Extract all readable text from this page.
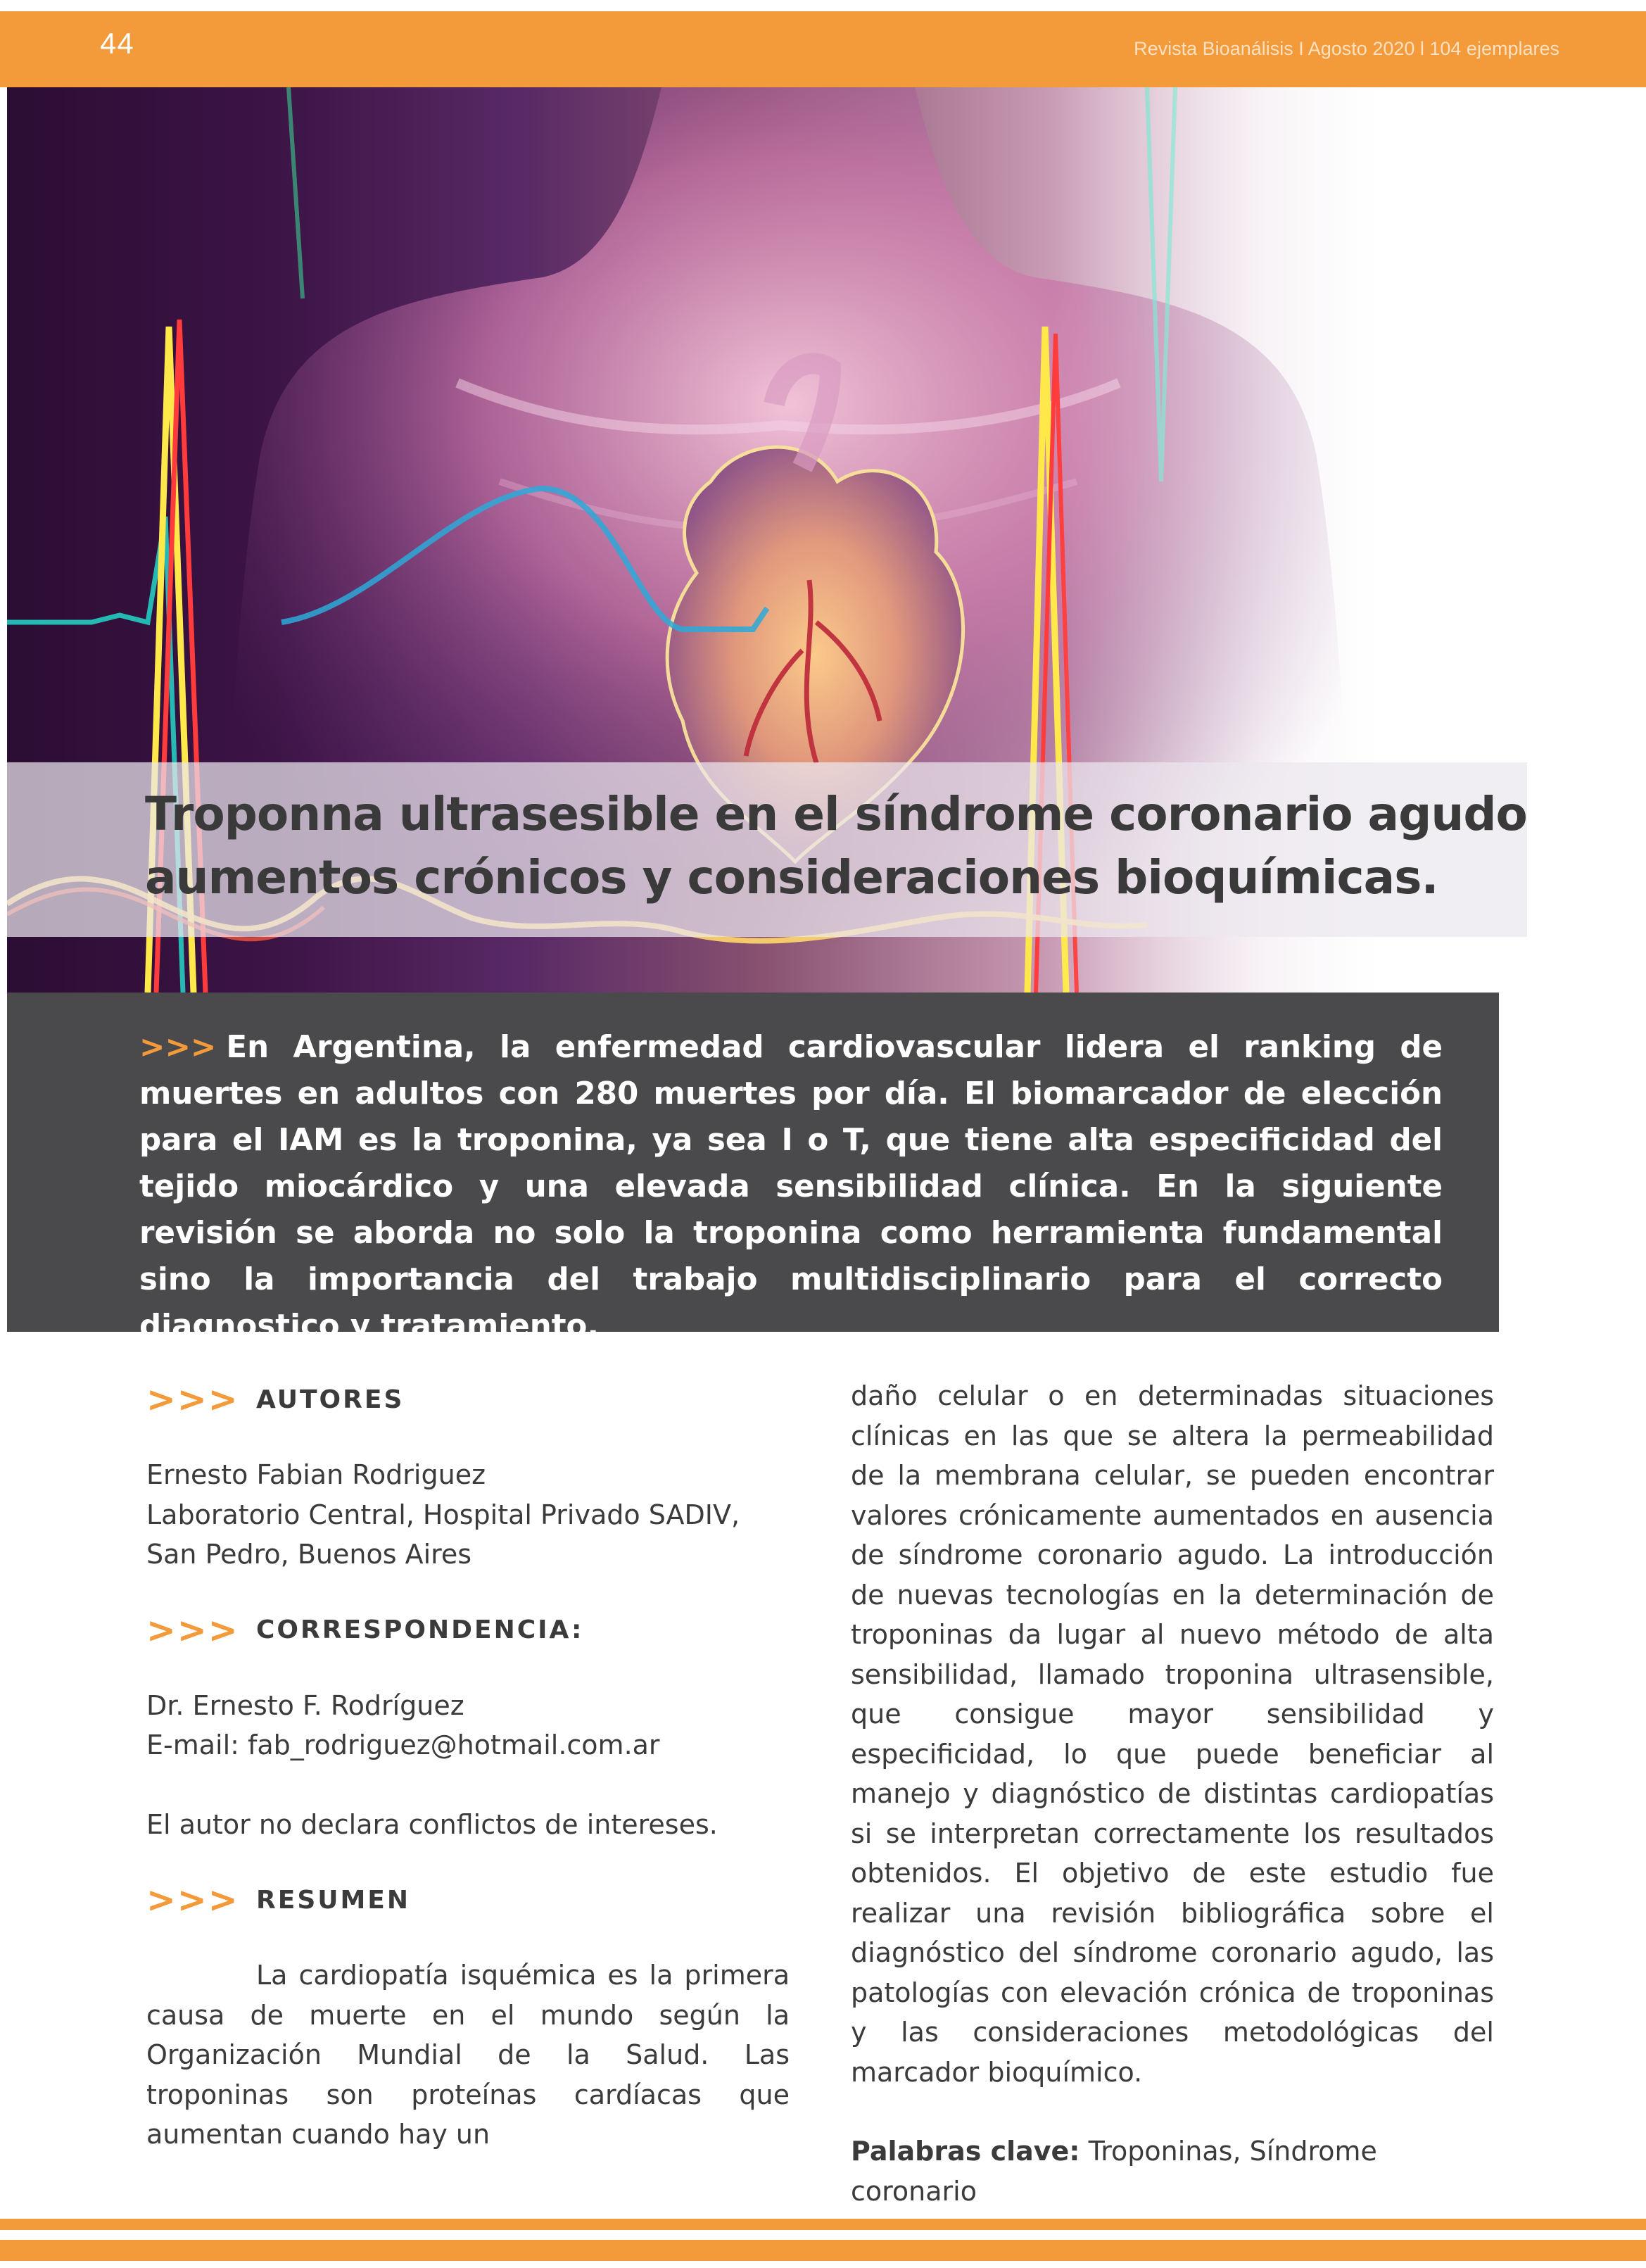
44	Revista Bioanálisis I Agosto 2020 l 104 ejemplares
Troponna ultrasesible en el síndrome coronario agudo
aumentos crónicos y consideraciones bioquímicas.

>>> En Argentina, la enfermedad cardiovascular lidera el ranking de muertes en adultos con 280 muertes por día. El biomarcador de elección para el IAM es la troponina, ya sea I o T, que tiene alta especificidad del tejido miocárdico y una elevada sensibilidad clínica. En la siguiente revisión se aborda no solo la troponina como herramienta fundamental sino la importancia del trabajo multidisciplinario para el correcto diagnostico y tratamiento.

>>> AUTORES

Ernesto Fabian Rodriguez

Laboratorio Central, Hospital Privado SADIV, San Pedro, Buenos Aires

>>> CORRESPONDENCIA:

Dr. Ernesto F. Rodríguez

E-mail: fab_rodriguez@hotmail.com.ar

El autor no declara conflictos de intereses.

>>> RESUMEN

La cardiopatía isquémica es la primera causa de muerte en el mundo según la Organización Mundial de la Salud. Las troponinas son proteínas cardíacas que aumentan cuando hay un

daño celular o en determinadas situaciones clínicas en las que se altera la permeabilidad de la membrana celular, se pueden encontrar valores crónicamente aumentados en ausencia de síndrome coronario agudo. La introducción de nuevas tecnologías en la determinación de troponinas da lugar al nuevo método de alta sensibilidad, llamado troponina ultrasensible, que consigue mayor sensibilidad y especificidad, lo que puede beneficiar al manejo y diagnóstico de distintas cardiopatías si se interpretan correctamente los resultados obtenidos. El objetivo de este estudio fue realizar una revisión bibliográfica sobre el diagnóstico del síndrome coronario agudo, las patologías con elevación crónica de troponinas y las consideraciones metodológicas del marcador bioquímico.

Palabras clave: Troponinas, Síndrome coronario
